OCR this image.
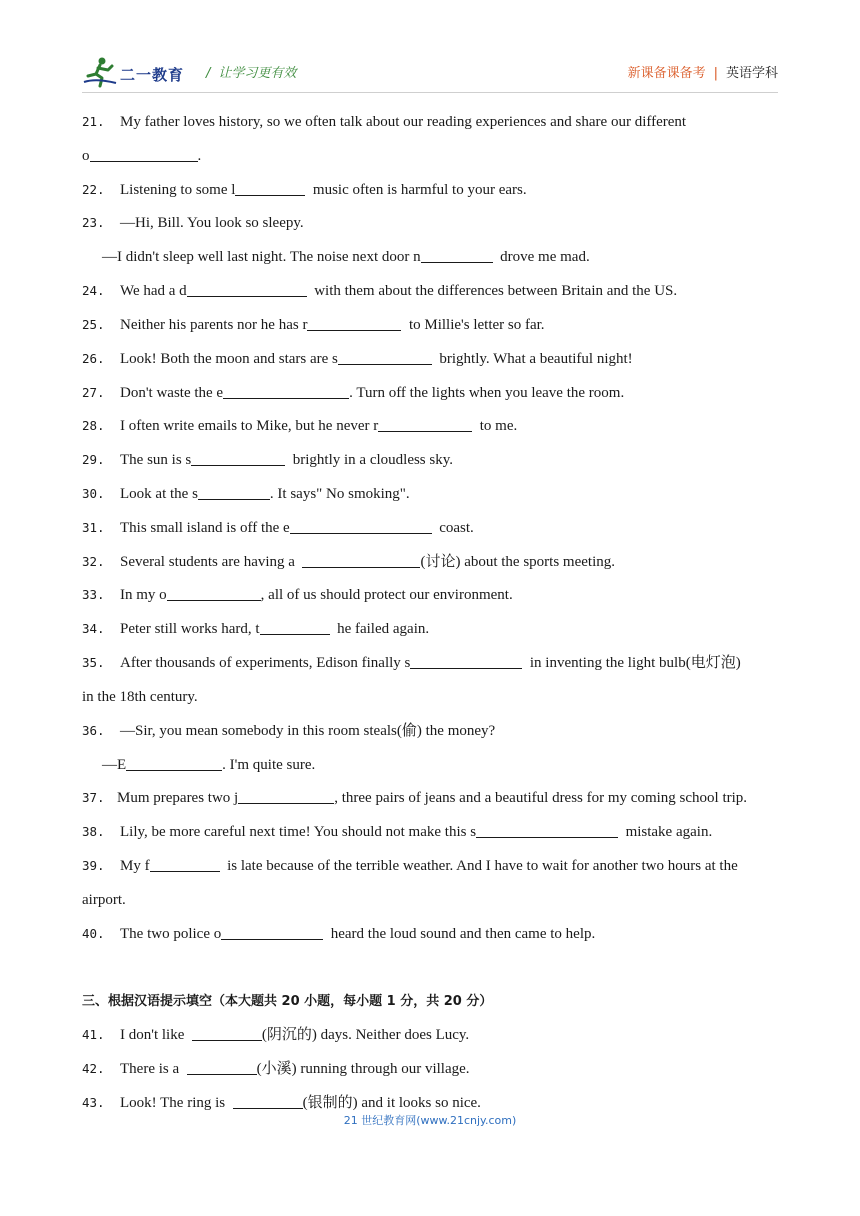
二一教育 / 让学习更有效	新课备课备考 | 英语学科
21. My father loves history, so we often talk about our reading experiences and share our different
o	.
22. Listening to some l	music often is harmful to your ears.
23. —Hi, Bill. You look so sleepy.
—I didn't sleep well last night. The noise next door n	drove me mad.
24. We had a d	with them about the differences between Britain and the US.
25. Neither his parents nor he has r	to Millie's letter so far.
26. Look! Both the moon and stars are s	brightly. What a beautiful night!
27. Don't waste the e	. Turn off the lights when you leave the room.
28. I often write emails to Mike, but he never r	to me.
29. The sun is s	brightly in a cloudless sky.
30. Look at the s	. It says" No smoking".
31. This small island is off the e	coast.
32. Several students are having a	(讨论) about the sports meeting.
33. In my o	, all of us should protect our environment.
34. Peter still works hard, t	he failed again.
35. After thousands of experiments, Edison finally s	in inventing the light bulb(电灯泡)
in the 18th century.
36. —Sir, you mean somebody in this room steals(偷) the money?
—E	. I'm quite sure.
37. Mum prepares two j	, three pairs of jeans and a beautiful dress for my coming school trip.
38. Lily, be more careful next time! You should not make this s	mistake again.
39. My f	is late because of the terrible weather. And I have to wait for another two hours at the
airport.
40. The two police o	heard the loud sound and then came to help.
三、根据汉语提示填空（本大题共 20 小题，每小题 1 分，共 20 分）
41. I don't like	(阴沉的) days. Neither does Lucy.
42. There is a	(小溪) running through our village.
43. Look! The ring is	(银制的) and it looks so nice.
21 世纪教育网(www.21cnjy.com)
